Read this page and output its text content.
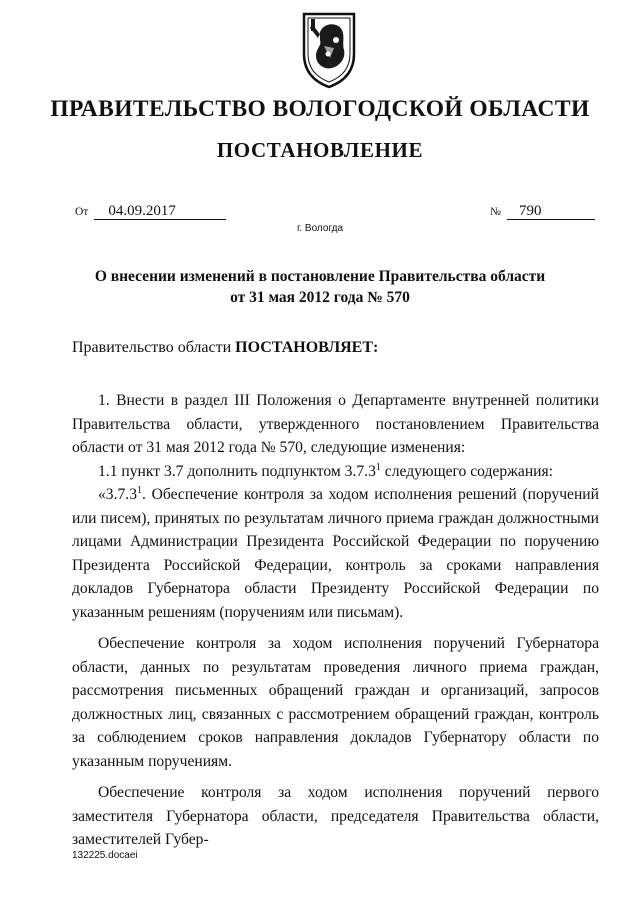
ПРАВИТЕЛЬСТВО ВОЛОГОДСКОЙ ОБЛАСТИ
ПОСТАНОВЛЕНИЕ
От 04.09.2017	№ 790
г. Вологда
О внесении изменений в постановление Правительства области
от 31 мая 2012 года № 570
Правительство области ПОСТАНОВЛЯЕТ:

1. Внести в раздел III Положения о Департаменте внутренней политики Правительства области, утвержденного постановлением Правительства области от 31 мая 2012 года № 570, следующие изменения:

1.1 пункт 3.7 дополнить подпунктом 3.7.3$^1$ следующего содержания:

«3.7.3$^1$. Обеспечение контроля за ходом исполнения решений (поручений или писем), принятых по результатам личного приема граждан должностными лицами Администрации Президента Российской Федерации по поручению Президента Российской Федерации, контроль за сроками направления докладов Губернатора области Президенту Российской Федерации по указанным решениям (поручениям или письмам).

Обеспечение контроля за ходом исполнения поручений Губернатора области, данных по результатам проведения личного приема граждан, рассмотрения письменных обращений граждан и организаций, запросов должностных лиц, связанных с рассмотрением обращений граждан, контроль за соблюдением сроков направления докладов Губернатору области по указанным поручениям.

Обеспечение контроля за ходом исполнения поручений первого заместителя Губернатора области, председателя Правительства области, заместителей Губер-

132225.docaei
